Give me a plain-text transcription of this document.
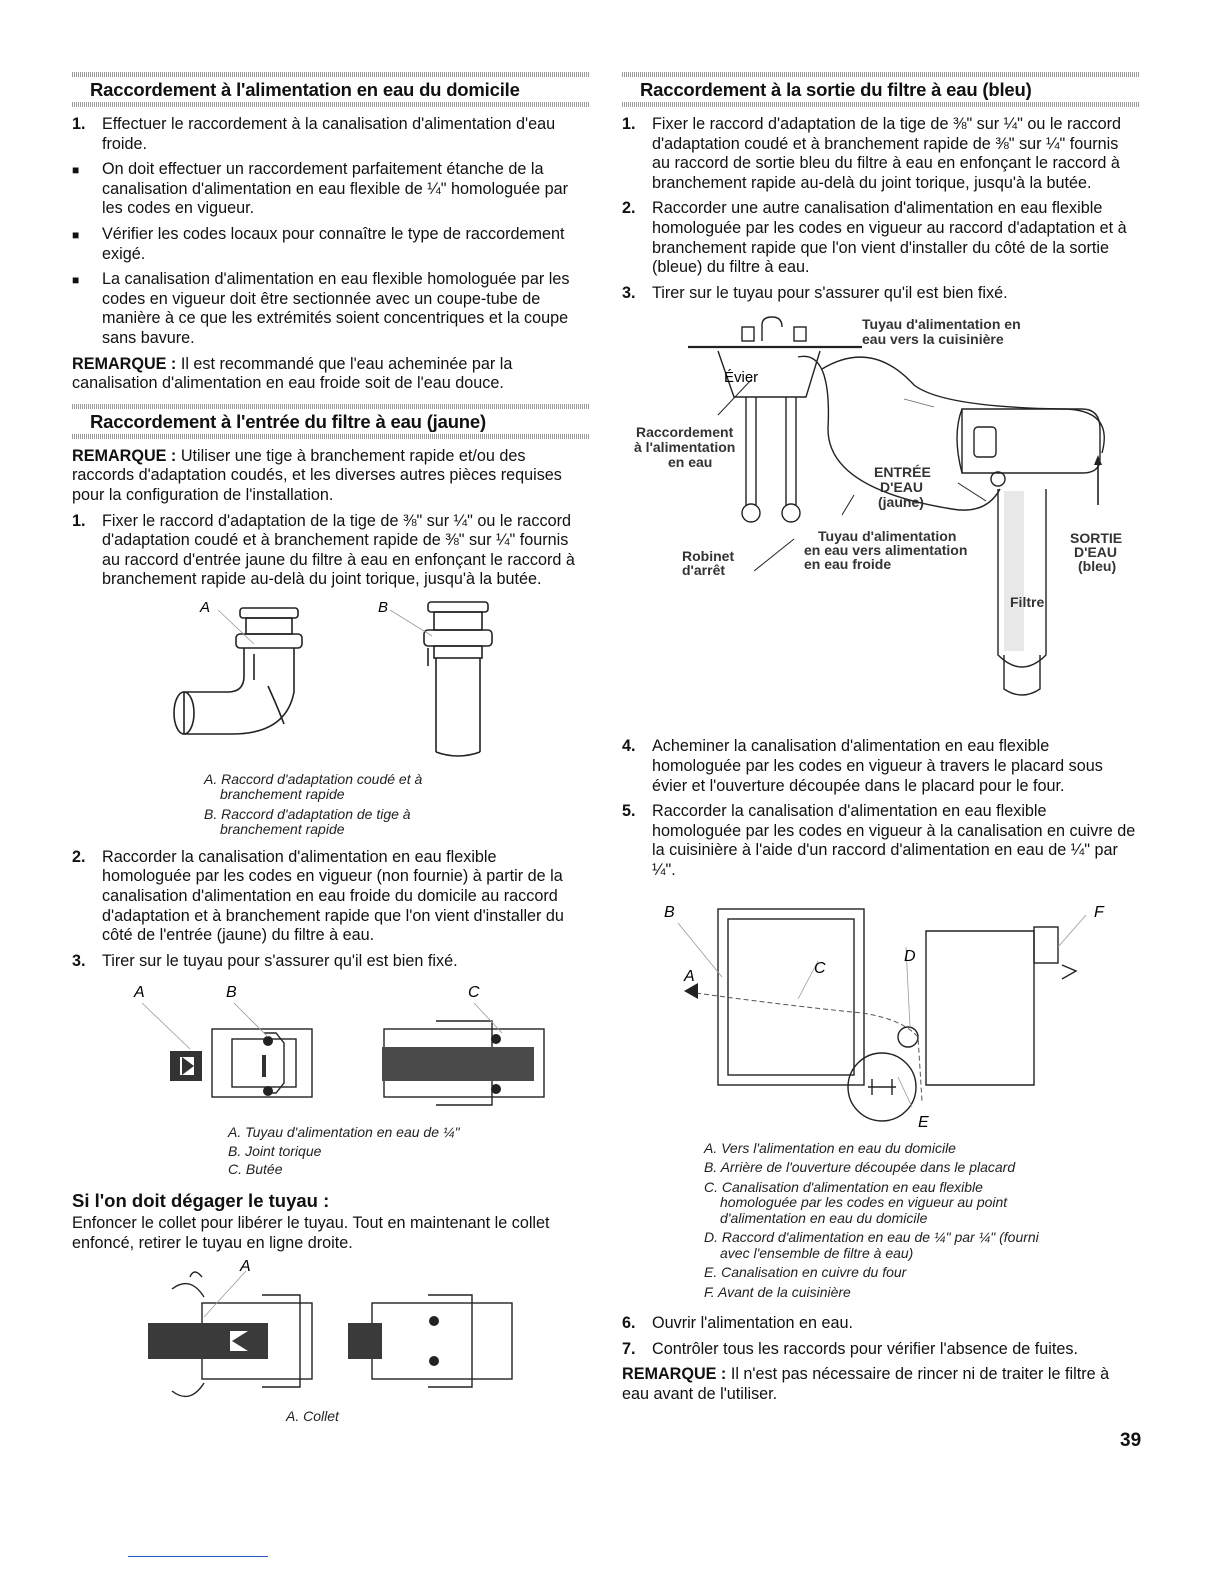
Raccordement à l'alimentation en eau du domicile
1.	Effectuer le raccordement à la canalisation d'alimentation d'eau froide.
■	On doit effectuer un raccordement parfaitement étanche de la canalisation d'alimentation en eau flexible de ¼" homologuée par les codes en vigueur.
■	Vérifier les codes locaux pour connaître le type de raccordement exigé.
■	La canalisation d'alimentation en eau flexible homologuée par les codes en vigueur doit être sectionnée avec un coupe-tube de manière à ce que les extrémités soient concentriques et la coupe sans bavure.

REMARQUE : Il est recommandé que l'eau acheminée par la canalisation d'alimentation en eau froide soit de l'eau douce.

Raccordement à l'entrée du filtre à eau (jaune)

REMARQUE : Utiliser une tige à branchement rapide et/ou des raccords d'adaptation coudés, et les diverses autres pièces requises pour la configuration de l'installation.

1.	Fixer le raccord d'adaptation de la tige de ⅜" sur ¼" ou le raccord d'adaptation coudé et à branchement rapide de ⅜" sur ¼" fournis au raccord d'entrée jaune du filtre à eau en enfonçant le raccord à branchement rapide au-delà du joint torique, jusqu'à la butée.
A	B
A. Raccord d'adaptation coudé et à
branchement rapide
B. Raccord d'adaptation de tige à
branchement rapide
2.	Raccorder la canalisation d'alimentation en eau flexible homologuée par les codes en vigueur (non fournie) à partir de la canalisation d'alimentation en eau froide du domicile au raccord d'adaptation et à branchement rapide que l'on vient d'installer du côté de l'entrée (jaune) du filtre à eau.
3.	Tirer sur le tuyau pour s'assurer qu'il est bien fixé.
A	B	C
A. Tuyau d'alimentation en eau de ¼"
B. Joint torique
C. Butée
Si l'on doit dégager le tuyau :

Enfoncer le collet pour libérer le tuyau. Tout en maintenant le collet enfoncé, retirer le tuyau en ligne droite.

A
A. Collet
Raccordement à la sortie du filtre à eau (bleu)
1.	Fixer le raccord d'adaptation de la tige de ⅜" sur ¼" ou le raccord d'adaptation coudé et à branchement rapide de ⅜" sur ¼" fournis au raccord de sortie bleu du filtre à eau en enfonçant le raccord à branchement rapide au-delà du joint torique, jusqu'à la butée.
2.	Raccorder une autre canalisation d'alimentation en eau flexible homologuée par les codes en vigueur au raccord d'adaptation et à branchement rapide que l'on vient d'installer du côté de la sortie (bleue) du filtre à eau.
3.	Tirer sur le tuyau pour s'assurer qu'il est bien fixé.
Évier
Tuyau d'alimentation en
eau vers la cuisinière
Raccordement
à l'alimentation
en eau
ENTRÉE
D'EAU
(jaune)
Tuyau d'alimentation
en eau vers alimentation
en eau froide
Robinet
d'arrêt
SORTIE
D'EAU
(bleu)
Filtre
4.	Acheminer la canalisation d'alimentation en eau flexible homologuée par les codes en vigueur à travers le placard sous évier et l'ouverture découpée dans le placard pour le four.
5.	Raccorder la canalisation d'alimentation en eau flexible homologuée par les codes en vigueur à la canalisation en cuivre de la cuisinière à l'aide d'un raccord d'alimentation en eau de ¼" par ¼".
B
A	C
D
E
F
A. Vers l'alimentation en eau du domicile
B. Arrière de l'ouverture découpée dans le placard
C. Canalisation d'alimentation en eau flexible
homologuée par les codes en vigueur au point
d'alimentation en eau du domicile
D. Raccord d'alimentation en eau de ¼" par ¼" (fourni
avec l'ensemble de filtre à eau)
E. Canalisation en cuivre du four
F. Avant de la cuisinière
6.	Ouvrir l'alimentation en eau.
7.	Contrôler tous les raccords pour vérifier l'absence de fuites.

REMARQUE : Il n'est pas nécessaire de rincer ni de traiter le filtre à eau avant de l'utiliser.

39
